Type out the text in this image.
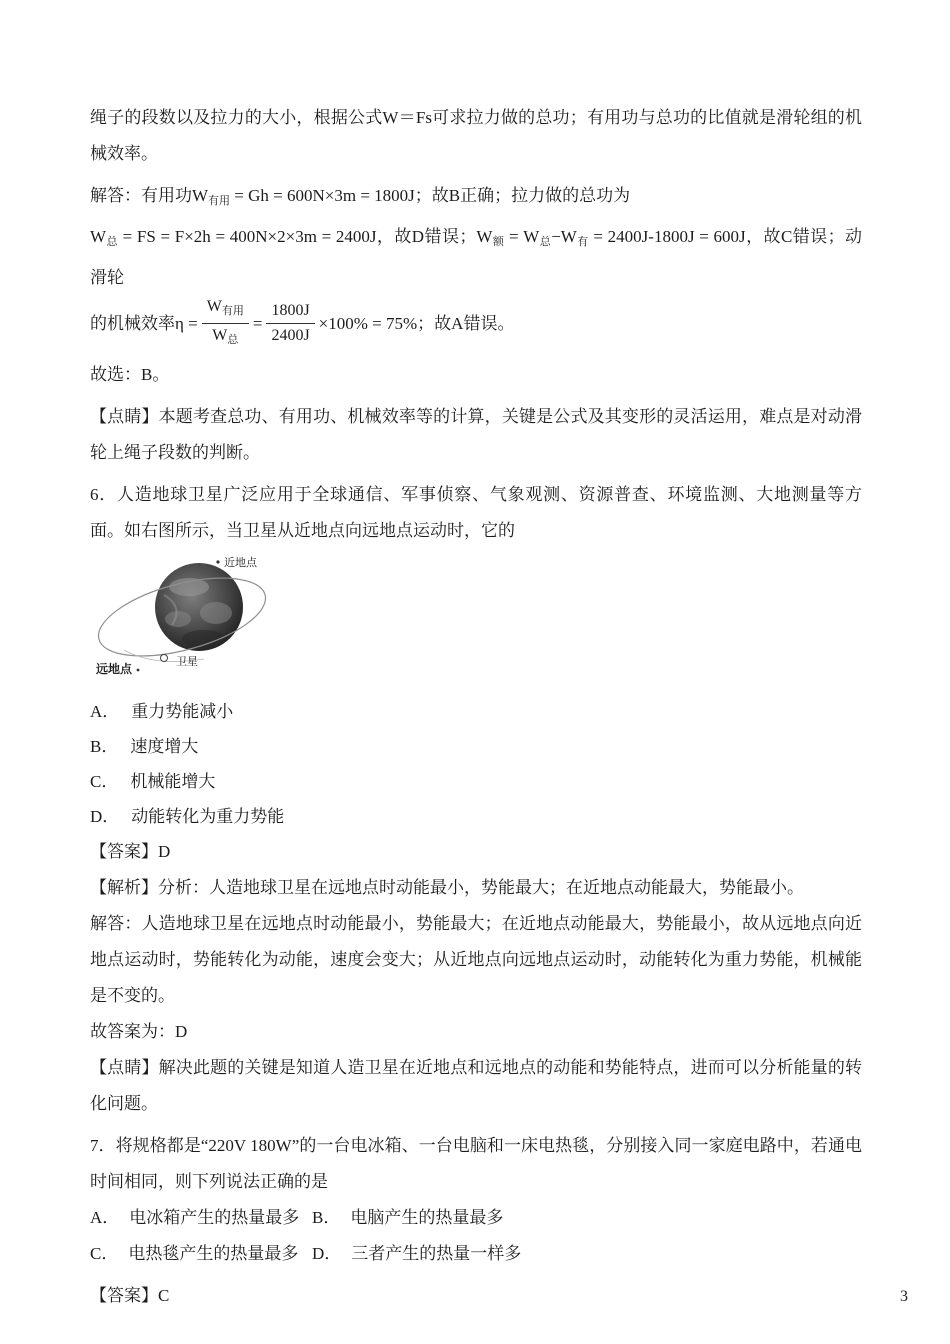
绳子的段数以及拉力的大小，根据公式W＝Fs可求拉力做的总功；有用功与总功的比值就是滑轮组的机械效率。

解答：有用功$W_{有用} = Gh = 600N\times 3m = 1800J$；故B正确；拉力做的总功为

$W_总$ = FS = F×2h = 400N×2×3m = 2400J，故D错误；$W_额 = W_总-W_有 = 2400J-1800J = 600J$，故C错误；动滑轮

的机械效率$\eta = \frac{W_{有用}}{W_总} = \frac{1800J}{2400J} \times 100\% = 75\%$；故A错误。

故选：B。

【点睛】本题考查总功、有用功、机械效率等的计算，关键是公式及其变形的灵活运用，难点是对动滑轮上绳子段数的判断。

6．人造地球卫星广泛应用于全球通信、军事侦察、气象观测、资源普查、环境监测、大地测量等方面。如右图所示，当卫星从近地点向远地点运动时，它的

近地点
远地点	卫星

A． 重力势能减小

B． 速度增大

C． 机械能增大

D． 动能转化为重力势能

【答案】D

【解析】分析：人造地球卫星在远地点时动能最小，势能最大；在近地点动能最大，势能最小。

解答：人造地球卫星在远地点时动能最小，势能最大；在近地点动能最大，势能最小，故从远地点向近地点运动时，势能转化为动能，速度会变大；从近地点向远地点运动时，动能转化为重力势能，机械能是不变的。

故答案为：D

【点睛】解决此题的关键是知道人造卫星在近地点和远地点的动能和势能特点，进而可以分析能量的转化问题。

7．将规格都是“220V 180W”的一台电冰箱、一台电脑和一床电热毯，分别接入同一家庭电路中，若通电时间相同，则下列说法正确的是

A． 电冰箱产生的热量最多 B． 电脑产生的热量最多

C． 电热毯产生的热量最多 D． 三者产生的热量一样多

【答案】C	3
